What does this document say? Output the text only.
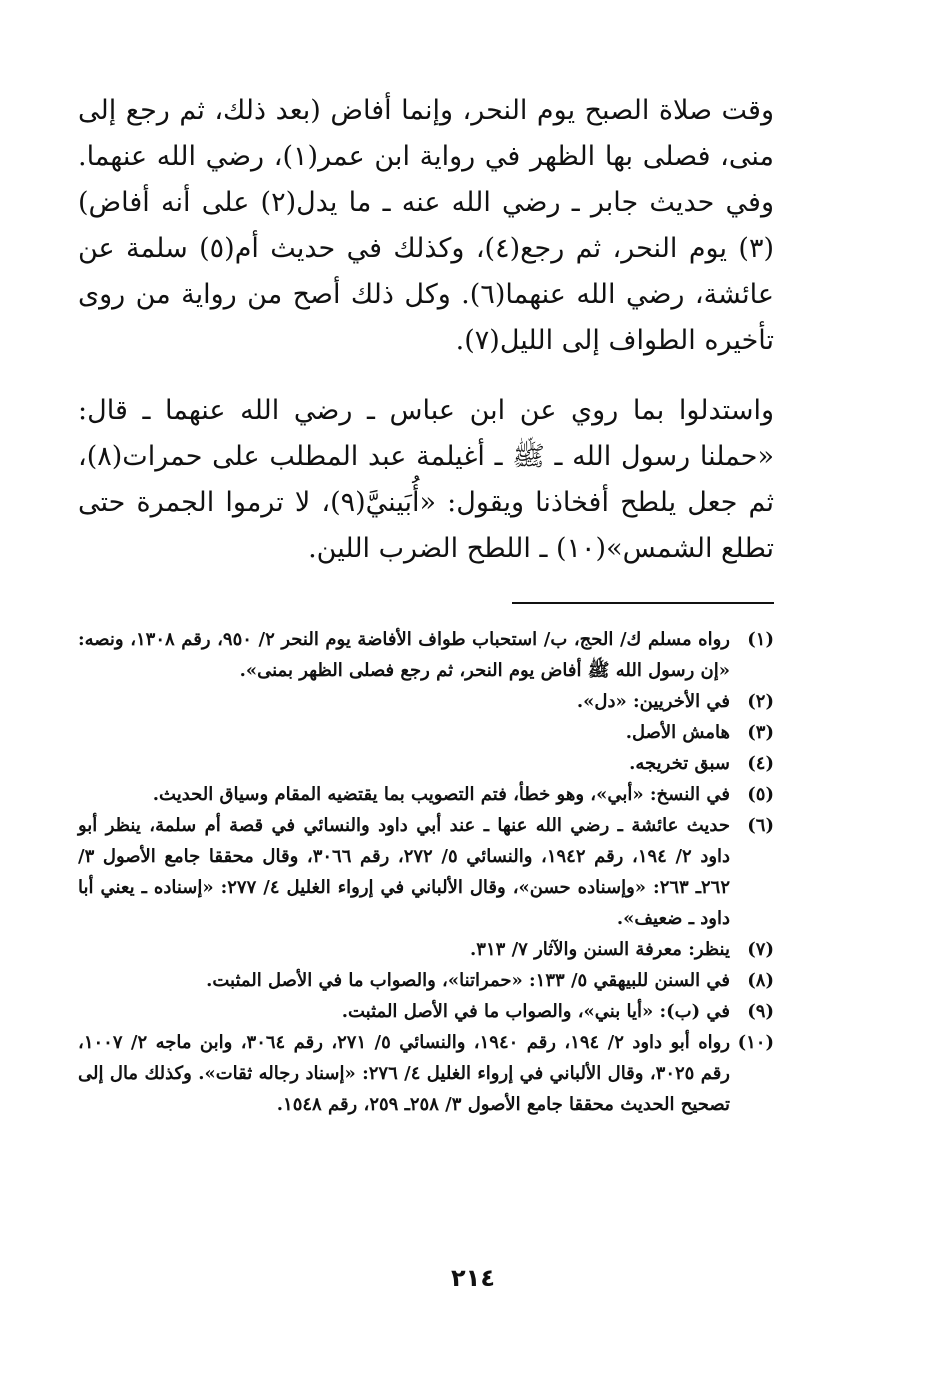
وقت صلاة الصبح يوم النحر، وإنما أفاض (بعد ذلك، ثم رجع إلى منى، فصلى بها الظهر في رواية ابن عمر(١)، رضي الله عنهما. وفي حديث جابر ـ رضي الله عنه ـ ما يدل(٢) على أنه أفاض)(٣) يوم النحر، ثم رجع(٤)، وكذلك في حديث أم(٥) سلمة عن عائشة، رضي الله عنهما(٦). وكل ذلك أصح من رواية من روى تأخيره الطواف إلى الليل(٧).

واستدلوا بما روي عن ابن عباس ـ رضي الله عنهما ـ قال: «حملنا رسول الله ـ ﷺ ـ أغيلمة عبد المطلب على حمرات(٨)، ثم جعل يلطح أفخاذنا ويقول: «أُبَينيَّ(٩)، لا ترموا الجمرة حتى تطلع الشمس»(١٠) ـ اللطح الضرب اللين.

(١)
رواه مسلم ك/ الحج، ب/ استحباب طواف الأفاضة يوم النحر ٢/ ٩٥٠، رقم ١٣٠٨، ونصه: «إن رسول الله ﷺ أفاض يوم النحر، ثم رجع فصلى الظهر بمنى».
(٢)
في الأخريين: «دل».
(٣)
هامش الأصل.
(٤)
سبق تخريجه.
(٥)
في النسخ: «أبي»، وهو خطأ، فتم التصويب بما يقتضيه المقام وسياق الحديث.
(٦)
حديث عائشة ـ رضي الله عنها ـ عند أبي داود والنسائي في قصة أم سلمة، ينظر أبو داود ٢/ ١٩٤، رقم ١٩٤٢، والنسائي ٥/ ٢٧٢، رقم ٣٠٦٦، وقال محققا جامع الأصول ٣/ ٢٦٢ـ ٢٦٣: «وإسناده حسن»، وقال الألباني في إرواء الغليل ٤/ ٢٧٧: «إسناده ـ يعني أبا داود ـ ضعيف».
(٧)
ينظر: معرفة السنن والآثار ٧/ ٣١٣.
(٨)
في السنن للبيهقي ٥/ ١٣٣: «حمراتنا»، والصواب ما في الأصل المثبت.
(٩)
في (ب): «أيا بني»، والصواب ما في الأصل المثبت.
(١٠)
رواه أبو داود ٢/ ١٩٤، رقم ١٩٤٠، والنسائي ٥/ ٢٧١، رقم ٣٠٦٤، وابن ماجه ٢/ ١٠٠٧، رقم ٣٠٢٥، وقال الألباني في إرواء الغليل ٤/ ٢٧٦: «إسناد رجاله ثقات». وكذلك مال إلى تصحيح الحديث محققا جامع الأصول ٣/ ٢٥٨ـ ٢٥٩، رقم ١٥٤٨.
٢١٤
